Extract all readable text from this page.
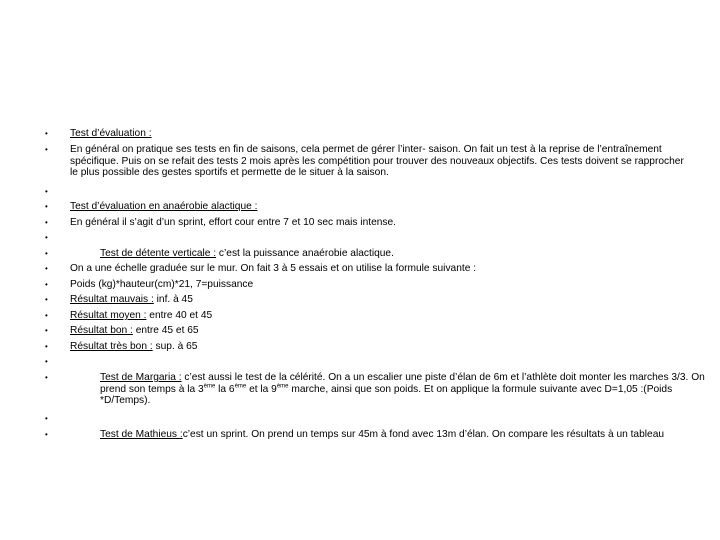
•
•
•
•
•
•
•
•
•
•
•
•
•
•
•
•
•
Test d’évaluation :
En général on pratique ses tests en fin de saisons, cela permet de gérer l’inter- saison. On fait un test à la reprise de l’entraînement spécifique. Puis on se refait des tests 2 mois après les compétition pour trouver des nouveaux objectifs. Ces tests doivent se rapprocher le plus possible des gestes sportifs et permette de le situer à la saison.
Test d’évaluation en anaérobie alactique :
En général il s’agit d’un sprint, effort cour entre 7 et 10 sec mais intense.
Test de détente verticale : c’est la puissance anaérobie alactique.
On a une échelle graduée sur le mur. On fait 3 à 5 essais et on utilise la formule suivante :
Poids (kg)*hauteur(cm)*21, 7=puissance
Résultat mauvais : inf. à 45
Résultat moyen : entre 40 et 45
Résultat bon : entre 45 et 65
Résultat très bon : sup. à 65
Test de Margaria : c’est aussi le test de la célérité. On a un escalier une piste d’élan de 6m et l’athlète doit monter les marches 3/3. On prend son temps à la 3ème la 6ème et la 9ème marche, ainsi que son poids. Et on applique la formule suivante avec D=1,05 :(Poids *D/Temps).
Test de Mathieus :c’est un sprint. On prend un temps sur 45m à fond avec 13m d’élan. On compare les résultats à un tableau
